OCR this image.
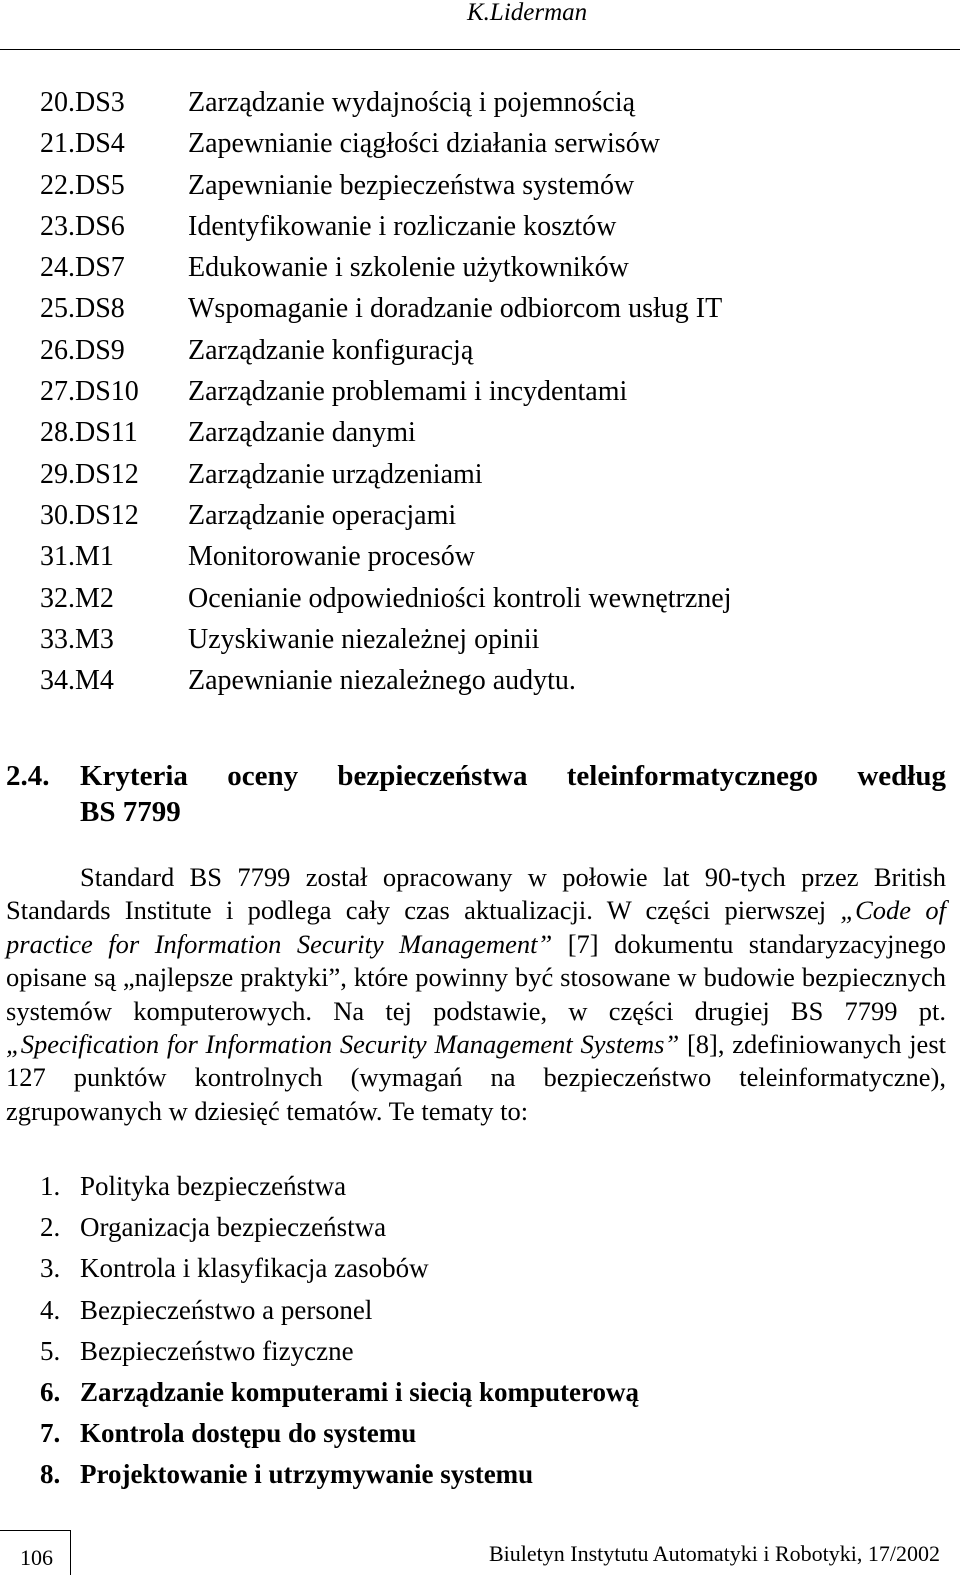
K.Liderman
20.DS3 Zarządzanie wydajnością i pojemnością
21.DS4 Zapewnianie ciągłości działania serwisów
22.DS5 Zapewnianie bezpieczeństwa systemów
23.DS6 Identyfikowanie i rozliczanie kosztów
24.DS7 Edukowanie i szkolenie użytkowników
25.DS8 Wspomaganie i doradzanie odbiorcom usług IT
26.DS9 Zarządzanie konfiguracją
27.DS10 Zarządzanie problemami i incydentami
28.DS11 Zarządzanie danymi
29.DS12 Zarządzanie urządzeniami
30.DS12 Zarządzanie operacjami
31.M1	Monitorowanie procesów
32.M2	Ocenianie odpowiedniości kontroli wewnętrznej
33.M3	Uzyskiwanie niezależnej opinii
34.M4	Zapewnianie niezależnego audytu.
2.4. Kryteria oceny bezpieczeństwa teleinformatycznego według
BS 7799

Standard BS 7799 został opracowany w połowie lat 90-tych przez British Standards Institute i podlega cały czas aktualizacji. W części pierwszej „Code of practice for Information Security Management” [7] dokumentu standaryzacyjnego opisane są „najlepsze praktyki”, które powinny być stosowane w budowie bezpiecznych systemów komputerowych. Na tej podstawie, w części drugiej BS 7799 pt. „Specification for Information Security Management Systems” [8], zdefiniowanych jest 127 punktów kontrolnych (wymagań na bezpieczeństwo teleinformatyczne), zgrupowanych w dziesięć tematów. Te tematy to:

1. Polityka bezpieczeństwa
2. Organizacja bezpieczeństwa
3. Kontrola i klasyfikacja zasobów
4. Bezpieczeństwo a personel
5. Bezpieczeństwo fizyczne
6. Zarządzanie komputerami i siecią komputerową
7. Kontrola dostępu do systemu
8. Projektowanie i utrzymywanie systemu
106	Biuletyn Instytutu Automatyki i Robotyki, 17/2002
